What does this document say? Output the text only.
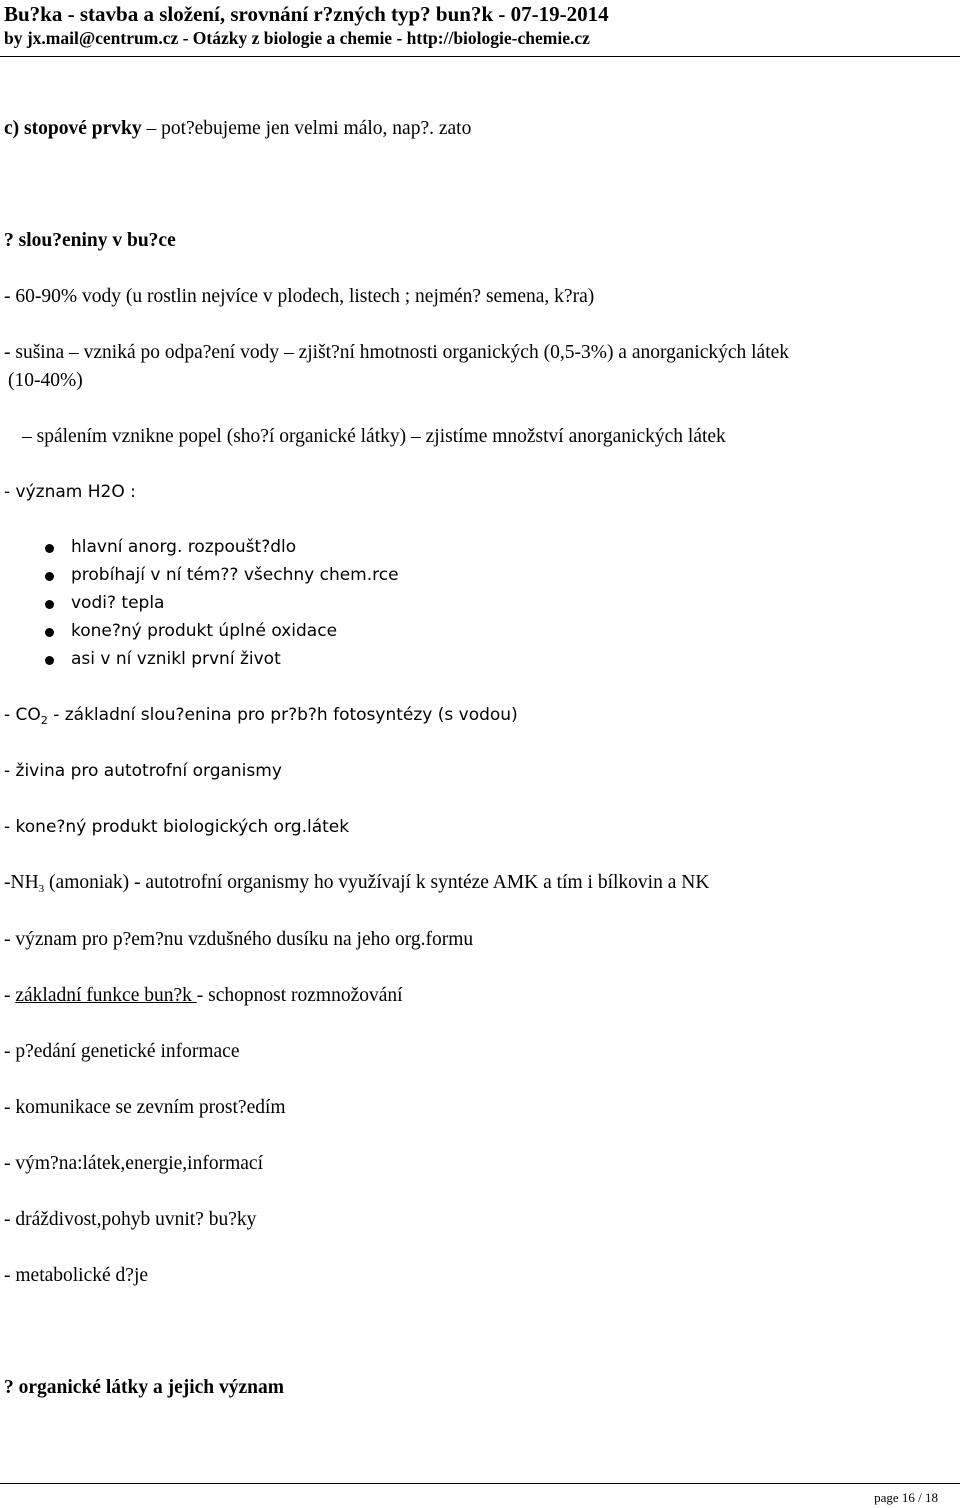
Bu?ka - stavba a složení, srovnání r?zných typ? bun?k - 07-19-2014
by jx.mail@centrum.cz - Otázky z biologie a chemie - http://biologie-chemie.cz
c) stopové prvky – pot?ebujeme jen velmi málo, nap?. zato
? slou?eniny v bu?ce
- 60-90% vody (u rostlin nejvíce v plodech, listech ; nejmén? semena, k?ra)
- sušina – vzniká po odpa?ení vody – zjišt?ní hmotnosti organických (0,5-3%) a anorganických látek
(10-40%)
– spálením vznikne popel (sho?í organické látky) – zjistíme množství anorganických látek
- význam H2O :
hlavní anorg. rozpoušt?dlo
probíhají v ní tém?? všechny chem.rce
vodi? tepla
kone?ný produkt úplné oxidace
asi v ní vznikl první život
- $CO_2$ - základní slou?enina pro pr?b?h fotosyntézy (s vodou)
- živina pro autotrofní organismy
- kone?ný produkt biologických org.látek
$-NH_3$ (amoniak) - autotrofní organismy ho využívají k syntéze AMK a tím i bílkovin a NK
- význam pro p?em?nu vzdušného dusíku na jeho org.formu
- základní funkce bun?k - schopnost rozmnožování
- p?edání genetické informace
- komunikace se zevním prost?edím
- vým?na:látek,energie,informací
- dráždivost,pohyb uvnit? bu?ky
- metabolické d?je
? organické látky a jejich význam
page 16 / 18
